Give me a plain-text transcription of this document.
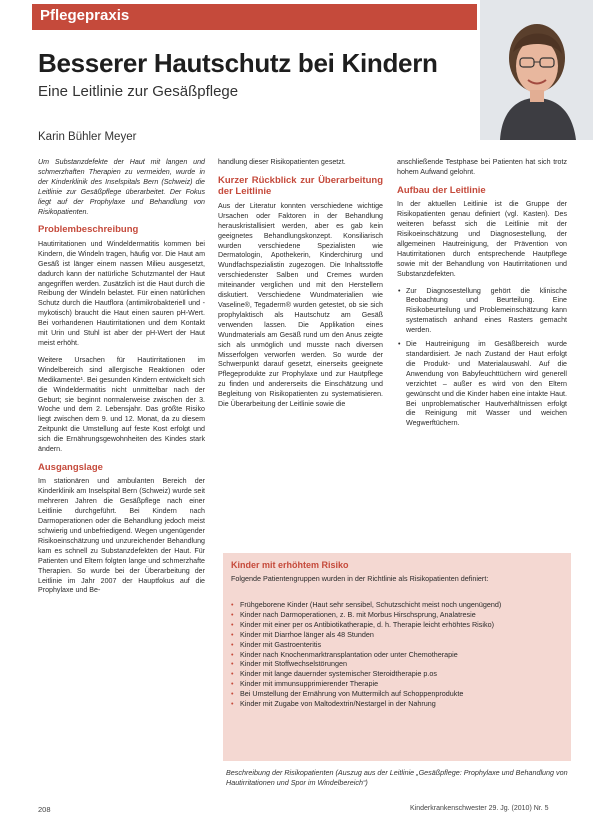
Pflegepraxis
Besserer Hautschutz bei Kindern
Eine Leitlinie zur Gesäßpflege
Karin Bühler Meyer

Um Substanzdefekte der Haut mit langen und schmerzhaften Therapien zu vermeiden, wurde in der Kinderklinik des Inselspitals Bern (Schweiz) die Leitlinie zur Gesäßpflege überarbeitet. Der Fokus liegt auf der Prophylaxe und Behandlung von Risikopatienten.

Problembeschreibung

Hautirritationen und Windeldermatitis kommen bei Kindern, die Windeln tragen, häufig vor. Die Haut am Gesäß ist länger einem nassen Milieu ausgesetzt, dadurch kann der natürliche Schutzmantel der Haut angegriffen werden. Zusätzlich ist die Haut durch die Reibung der Windeln belastet. Für einen natürlichen Schutz durch die Hautflora (antimikrobakteriell und -mykotisch) braucht die Haut einen sauren pH-Wert. Bei vorhandenen Hautirritationen und dem Kontakt mit Urin und Stuhl ist aber der pH-Wert der Haut meist erhöht.

Weitere Ursachen für Hautirritationen im Windelbereich sind allergische Reaktionen oder Medikamente¹. Bei gesunden Kindern entwickelt sich die Windeldermatitis nicht unmittelbar nach der Geburt; sie beginnt normalerweise zwischen der 3. Woche und dem 2. Lebensjahr. Das größte Risiko liegt zwischen dem 9. und 12. Monat, da zu diesem Zeitpunkt die Umstellung auf feste Kost erfolgt und sich die Ernährungsgewohnheiten des Kindes stark ändern.

Ausgangslage

Im stationären und ambulanten Bereich der Kinderklinik am Inselspital Bern (Schweiz) wurde seit mehreren Jahren die Gesäßpflege nach einer Leitlinie durchgeführt. Bei Kindern nach Darmoperationen oder die Behandlung jedoch meist schwierig und unbefriedigend. Wegen ungenügender Risikoeinschätzung und unzureichender Behandlung kam es schnell zu Substanzdefekten der Haut. Für Patienten und Eltern folgten lange und schmerzhafte Therapien. So wurde bei der Überarbeitung der Leitlinie im Jahr 2007 der Hauptfokus auf die Prophylaxe und Be-

handlung dieser Risikopatienten gesetzt.

Kurzer Rückblick zur Überarbeitung der Leitlinie

Aus der Literatur konnten verschiedene wichtige Ursachen oder Faktoren in der Behandlung herauskristallisiert werden, aber es gab kein geeignetes Behandlungskonzept. Konsiliarisch wurden verschiedene Spezialisten wie Dermatologin, Apothekerin, Kinderchirurg und Wundfachspezialistin zugezogen. Die Inhaltsstoffe verschiedenster Salben und Cremes wurden miteinander verglichen und mit den Herstellern diskutiert. Verschiedene Wundmaterialien wie Vaseline®, Tegaderm® wurden getestet, ob sie sich prophylaktisch als Hautschutz am Gesäß verwenden lassen. Die Applikation eines Wundmaterials am Gesäß rund um den Anus zeigte sich als unmöglich und musste nach diversen Misserfolgen verworfen werden. So wurde der Schwerpunkt darauf gesetzt, einerseits geeignete Pflegeprodukte zur Prophylaxe und zur Hautpflege zu finden und andererseits die Einschätzung und Begleitung von Risikopatienten zu systematisieren. Die Überarbeitung der Leitlinie sowie die

anschließende Testphase bei Patienten hat sich trotz hohem Aufwand gelohnt.

Aufbau der Leitlinie

In der aktuellen Leitlinie ist die Gruppe der Risikopatienten genau definiert (vgl. Kasten). Des weiteren befasst sich die Leitlinie mit der Risikoeinschätzung und Diagnosestellung, der allgemeinen Hautreinigung, der Prävention von Hautirritationen durch entsprechende Hautpflege sowie mit der Behandlung von Hautirritationen und Substanzdefekten.

• Zur Diagnosestellung gehört die klinische Beobachtung und Beurteilung. Eine Risikobeurteilung und Problemeinschätzung kann systematisch anhand eines Rasters gemacht werden.
• Die Hautreinigung im Gesäßbereich wurde standardisiert. Je nach Zustand der Haut erfolgt die Produkt- und Materialauswahl. Auf die Anwendung von Babyfeuchttüchern wird generell verzichtet – außer es wird von den Eltern gewünscht und die Kinder haben eine intakte Haut. Bei unproblematischer Hautverhältnissen erfolgt die Reinigung mit Wasser und weichen Wegwerftüchern.
Kinder mit erhöhtem Risiko
Folgende Patientengruppen wurden in der Richtlinie als Risikopatienten definiert:
• Frühgeborene Kinder (Haut sehr sensibel, Schutzschicht meist noch ungenügend)
• Kinder nach Darmoperationen, z. B. mit Morbus Hirschsprung, Analatresie
• Kinder mit einer per os Antibiotikatherapie, d. h. Therapie leicht erhöhtes Risiko)
• Kinder mit Diarrhoe länger als 48 Stunden
• Kinder mit Gastroenteritis
• Kinder nach Knochenmarktransplantation oder unter Chemotherapie
• Kinder mit Stoffwechselstörungen
• Kinder mit lange dauernder systemischer Steroidtherapie p.os
• Kinder mit immunsupprimierender Therapie
• Bei Umstellung der Ernährung von Muttermilch auf Schoppenprodukte
• Kinder mit Zugabe von Maltodextrin/Nestargel in der Nahrung
Beschreibung der Risikopatienten (Auszug aus der Leitlinie „Gesäßpflege: Prophylaxe und Behandlung von Hautirritationen und Spor im Windelbereich“)
208	Kinderkrankenschwester 29. Jg. (2010) Nr. 5
